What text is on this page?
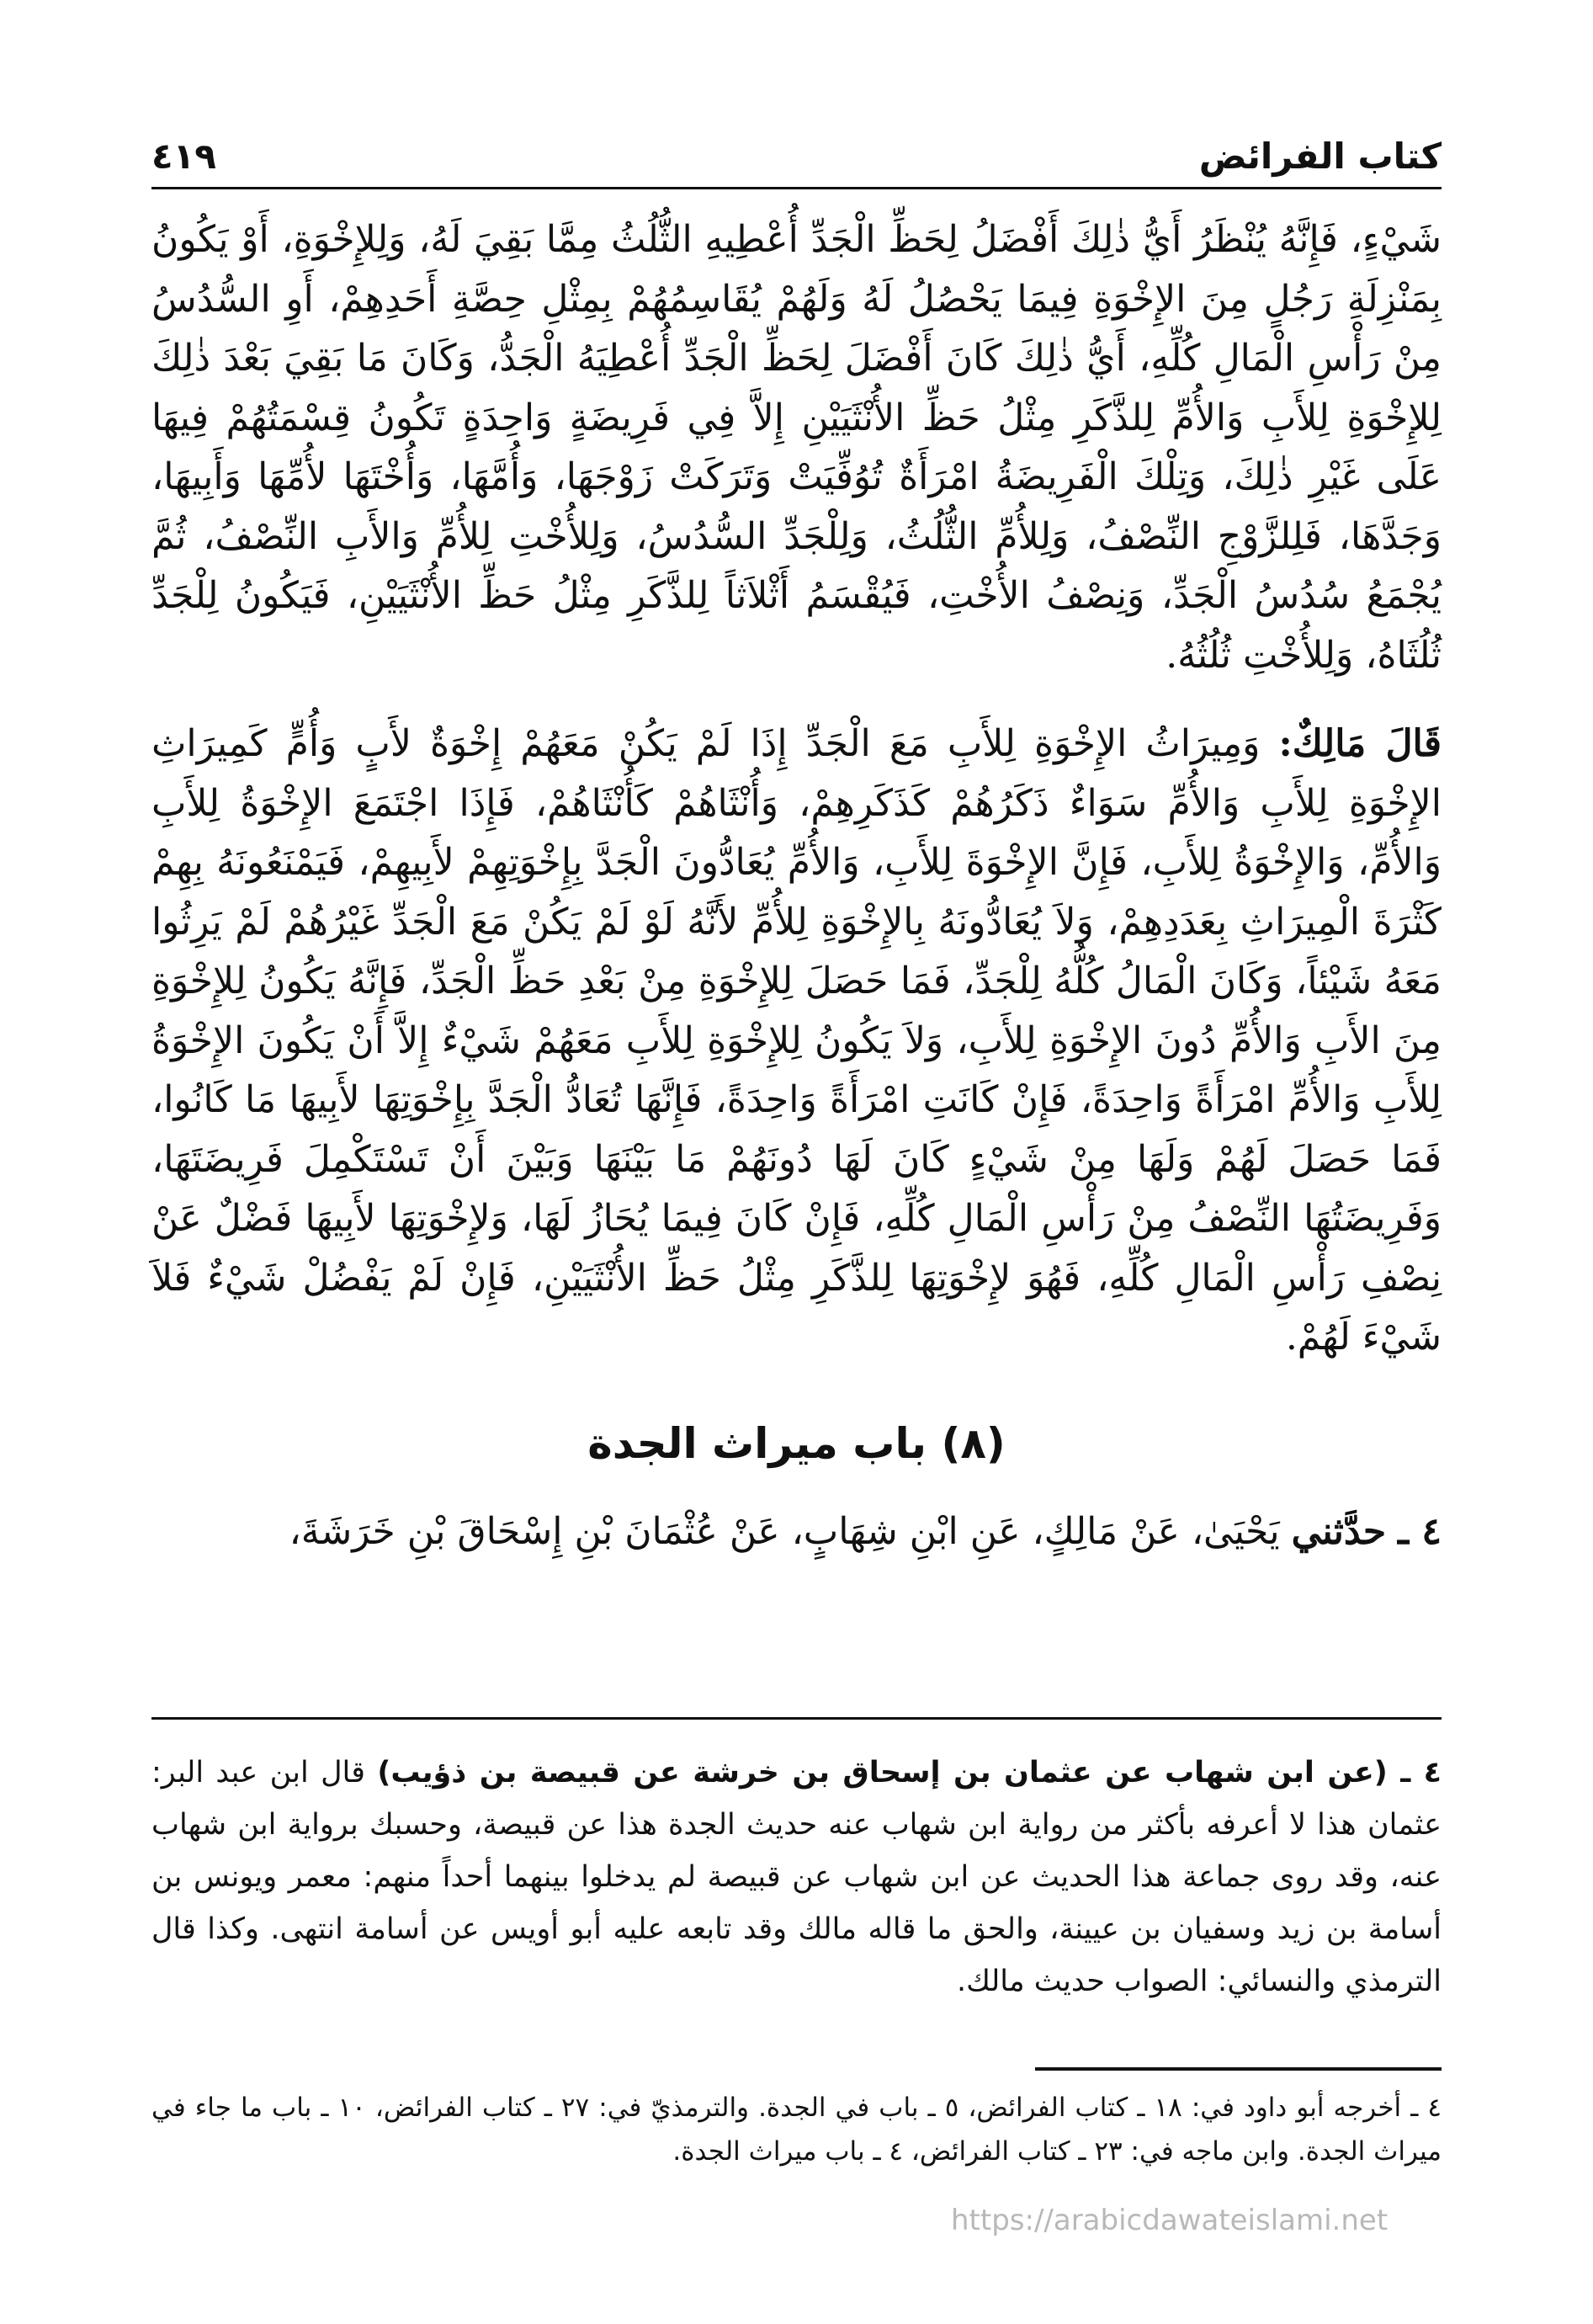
كتاب الفرائض
٤١٩

شَيْءٍ، فَإِنَّهُ يُنْظَرُ أَيُّ ذٰلِكَ أَفْضَلُ لِحَظِّ الْجَدِّ أُعْطِيهِ الثُّلُثُ مِمَّا بَقِيَ لَهُ، وَلِلإِخْوَةِ، أَوْ يَكُونُ بِمَنْزِلَةِ رَجُلٍ مِنَ الإِخْوَةِ فِيمَا يَحْصُلُ لَهُ وَلَهُمْ يُقَاسِمُهُمْ بِمِثْلِ حِصَّةِ أَحَدِهِمْ، أَوِ السُّدُسُ مِنْ رَأْسِ الْمَالِ كُلِّهِ، أَيُّ ذٰلِكَ كَانَ أَفْضَلَ لِحَظِّ الْجَدِّ أُعْطِيَهُ الْجَدُّ، وَكَانَ مَا بَقِيَ بَعْدَ ذٰلِكَ لِلإِخْوَةِ لِلأَبِ وَالأُمِّ لِلذَّكَرِ مِثْلُ حَظِّ الأُنْثَيَيْنِ إِلاَّ فِي فَرِيضَةٍ وَاحِدَةٍ تَكُونُ قِسْمَتُهُمْ فِيهَا عَلَى غَيْرِ ذٰلِكَ، وَتِلْكَ الْفَرِيضَةُ امْرَأَةٌ تُوُفِّيَتْ وَتَرَكَتْ زَوْجَهَا، وَأُمَّهَا، وَأُخْتَهَا لأُمِّهَا وَأَبِيهَا، وَجَدَّهَا، فَلِلزَّوْجِ النِّصْفُ، وَلِلأُمِّ الثُّلُثُ، وَلِلْجَدِّ السُّدُسُ، وَلِلأُخْتِ لِلأُمِّ وَالأَبِ النِّصْفُ، ثُمَّ يُجْمَعُ سُدُسُ الْجَدِّ، وَنِصْفُ الأُخْتِ، فَيُقْسَمُ أَثْلاَثاً لِلذَّكَرِ مِثْلُ حَظِّ الأُنْثَيَيْنِ، فَيَكُونُ لِلْجَدِّ ثُلُثَاهُ، وَلِلأُخْتِ ثُلُثُهُ.

قَالَ مَالِكٌ: وَمِيرَاثُ الإِخْوَةِ لِلأَبِ مَعَ الْجَدِّ إِذَا لَمْ يَكُنْ مَعَهُمْ إِخْوَةٌ لأَبٍ وَأُمٍّ كَمِيرَاثِ الإِخْوَةِ لِلأَبِ وَالأُمِّ سَوَاءٌ ذَكَرُهُمْ كَذَكَرِهِمْ، وَأُنْثَاهُمْ كَأُنْثَاهُمْ، فَإِذَا اجْتَمَعَ الإِخْوَةُ لِلأَبِ وَالأُمِّ، وَالإِخْوَةُ لِلأَبِ، فَإِنَّ الإِخْوَةَ لِلأَبِ، وَالأُمِّ يُعَادُّونَ الْجَدَّ بِإِخْوَتِهِمْ لأَبِيهِمْ، فَيَمْنَعُونَهُ بِهِمْ كَثْرَةَ الْمِيرَاثِ بِعَدَدِهِمْ، وَلاَ يُعَادُّونَهُ بِالإِخْوَةِ لِلأُمِّ لأَنَّهُ لَوْ لَمْ يَكُنْ مَعَ الْجَدِّ غَيْرُهُمْ لَمْ يَرِثُوا مَعَهُ شَيْئاً، وَكَانَ الْمَالُ كُلُّهُ لِلْجَدِّ، فَمَا حَصَلَ لِلإِخْوَةِ مِنْ بَعْدِ حَظِّ الْجَدِّ، فَإِنَّهُ يَكُونُ لِلإِخْوَةِ مِنَ الأَبِ وَالأُمِّ دُونَ الإِخْوَةِ لِلأَبِ، وَلاَ يَكُونُ لِلإِخْوَةِ لِلأَبِ مَعَهُمْ شَيْءٌ إِلاَّ أَنْ يَكُونَ الإِخْوَةُ لِلأَبِ وَالأُمِّ امْرَأَةً وَاحِدَةً، فَإِنْ كَانَتِ امْرَأَةً وَاحِدَةً، فَإِنَّهَا تُعَادُّ الْجَدَّ بِإِخْوَتِهَا لأَبِيهَا مَا كَانُوا، فَمَا حَصَلَ لَهُمْ وَلَهَا مِنْ شَيْءٍ كَانَ لَهَا دُونَهُمْ مَا بَيْنَهَا وَبَيْنَ أَنْ تَسْتَكْمِلَ فَرِيضَتَهَا، وَفَرِيضَتُهَا النِّصْفُ مِنْ رَأْسِ الْمَالِ كُلِّهِ، فَإِنْ كَانَ فِيمَا يُحَازُ لَهَا، وَلإِخْوَتِهَا لأَبِيهَا فَضْلٌ عَنْ نِصْفِ رَأْسِ الْمَالِ كُلِّهِ، فَهُوَ لإِخْوَتِهَا لِلذَّكَرِ مِثْلُ حَظِّ الأُنْثَيَيْنِ، فَإِنْ لَمْ يَفْضُلْ شَيْءٌ فَلاَ شَيْءَ لَهُمْ.

(٨) باب ميراث الجدة

٤ ـ حدَّثني يَحْيَىٰ، عَنْ مَالِكٍ، عَنِ ابْنِ شِهَابٍ، عَنْ عُثْمَانَ بْنِ إِسْحَاقَ بْنِ خَرَشَةَ،

٤ ـ (عن ابن شهاب عن عثمان بن إسحاق بن خرشة عن قبيصة بن ذؤيب) قال ابن عبد البر: عثمان هذا لا أعرفه بأكثر من رواية ابن شهاب عنه حديث الجدة هذا عن قبيصة، وحسبك برواية ابن شهاب عنه، وقد روى جماعة هذا الحديث عن ابن شهاب عن قبيصة لم يدخلوا بينهما أحداً منهم: معمر ويونس بن أسامة بن زيد وسفيان بن عيينة، والحق ما قاله مالك وقد تابعه عليه أبو أويس عن أسامة انتهى. وكذا قال الترمذي والنسائي: الصواب حديث مالك.

٤ ـ أخرجه أبو داود في: ١٨ ـ كتاب الفرائض، ٥ ـ باب في الجدة. والترمذيّ في: ٢٧ ـ كتاب الفرائض، ١٠ ـ باب ما جاء في ميراث الجدة. وابن ماجه في: ٢٣ ـ كتاب الفرائض، ٤ ـ باب ميراث الجدة.

https://arabicdawateislami.net
